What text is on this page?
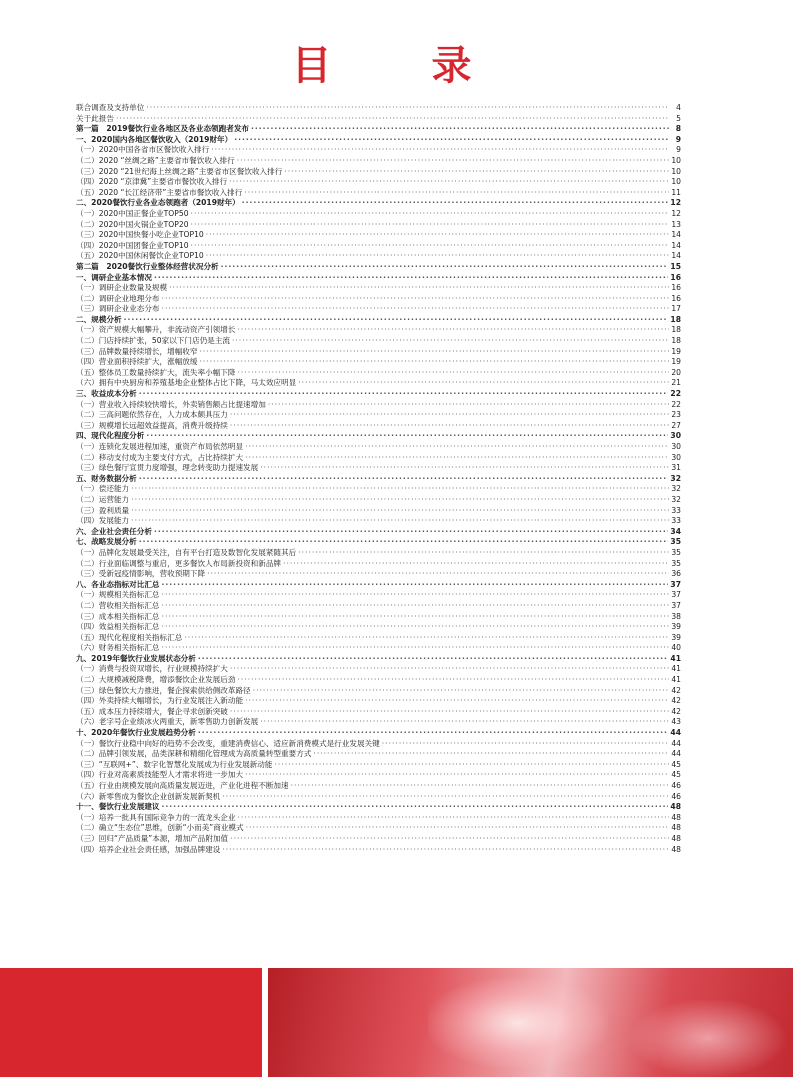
目　录
联合调查及支持单位 ·····	4
关于此报告 ·····	5
第一篇　2019餐饮行业各地区及各业态领跑者发布 ·····	8
一、2020国内各地区餐饮收入（2019财年） ·····	9
（一）2020中国各省市区餐饮收入排行 ·····	9
（二）2020 “丝绸之路”主要省市餐饮收入排行 ·····	10
（三）2020 “21世纪海上丝绸之路”主要省市区餐饮收入排行 ·····	10
（四）2020 “京津冀”主要省市餐饮收入排行 ·····	10
（五）2020 “长江经济带”主要省市餐饮收入排行 ·····	11
二、2020餐饮行业各业态领跑者（2019财年） ·····	12
（一）2020中国正餐企业TOP50 ·····	12
（二）2020中国火锅企业TOP20 ·····	13
（三）2020中国快餐小吃企业TOP10 ·····	14
（四）2020中国团餐企业TOP10 ·····	14
（五）2020中国休闲餐饮企业TOP10 ·····	14
第二篇　2020餐饮行业整体经营状况分析 ·····	15
一、调研企业基本情况 ·····	16
（一）调研企业数量及规模 ·····	16
（二）调研企业地理分布 ·····	16
（三）调研企业业态分布 ·····	17
二、规模分析 ·····	18
（一）资产规模大幅攀升，非流动资产引领增长 ·····	18
（二）门店持续扩张，50家以下门店仍是主流 ·····	18
（三）品牌数量持续增长，增幅收窄 ·····	19
（四）营业面积持续扩大，涨幅放缓 ·····	19
（五）整体员工数量持续扩大，流失率小幅下降 ·····	20
（六）拥有中央厨房和养殖基地企业整体占比下降，马太效应明显 ·····	21
三、收益成本分析 ·····	22
（一）营业收入持续较快增长，外卖销售额占比提速增加 ·····	22
（二）三高问题依然存在，人力成本颇具压力 ·····	23
（三）规模增长远超效益提高，消费升级持续 ·····	27
四、现代化程度分析 ·····	30
（一）连锁化发展进程加速，重资产布局依然明显 ·····	30
（二）移动支付成为主要支付方式，占比持续扩大 ·····	30
（三）绿色餐厅宣贯力度增强，理念转变助力提速发展 ·····	31
五、财务数据分析 ·····	32
（一）偿还能力 ·····	32
（二）运营能力 ·····	32
（三）盈利质量 ·····	33
（四）发展能力 ·····	33
六、企业社会责任分析 ·····	34
七、战略发展分析 ·····	35
（一）品牌化发展最受关注，自有平台打造及数智化发展紧随其后 ·····	35
（二）行业面临调整与重启，更多餐饮人布局新投资和新品牌 ·····	35
（三）受新冠疫情影响，营收预期下降 ·····	36
八、各业态指标对比汇总 ·····	37
（一）规模相关指标汇总 ·····	37
（二）营收相关指标汇总 ·····	37
（三）成本相关指标汇总 ·····	38
（四）效益相关指标汇总 ·····	39
（五）现代化程度相关指标汇总 ·····	39
（六）财务相关指标汇总 ·····	40
九、2019年餐饮行业发展状态分析 ·····	41
（一）消费与投资双增长，行业规模持续扩大 ·····	41
（二）大规模减税降费，增添餐饮企业发展后劲 ·····	41
（三）绿色餐饮大力推进，餐企探索供给侧改革路径 ·····	42
（四）外卖持续大幅增长，为行业发展注入新动能 ·····	42
（五）成本压力持续增大，餐企寻求创新突破 ·····	42
（六）老字号企业绩冰火两重天，新零售助力创新发展 ·····	43
十、2020年餐饮行业发展趋势分析 ·····	44
（一）餐饮行业稳中向好的趋势不会改变，重建消费信心、适应新消费模式是行业发展关键 ·····	44
（二）品牌引领发展，品类深耕和精细化管理成为高质量转型重要方式 ·····	44
（三）“互联网+”、数字化智慧化发展成为行业发展新动能 ·····	45
（四）行业对高素质技能型人才需求将进一步加大 ·····	45
（五）行业由规模发展向高质量发展迈进，产业化进程不断加速 ·····	46
（六）新零售成为餐饮企业创新发展新契机 ·····	46
十一、餐饮行业发展建议 ·····	48
（一）培养一批具有国际竞争力的一流龙头企业 ·····	48
（二）确立“生态位”思维，创新“小而美”商业模式 ·····	48
（三）回归“产品质量”本源，增加产品附加值 ·····	48
（四）培养企业社会责任感，加强品牌建设 ·····	48
